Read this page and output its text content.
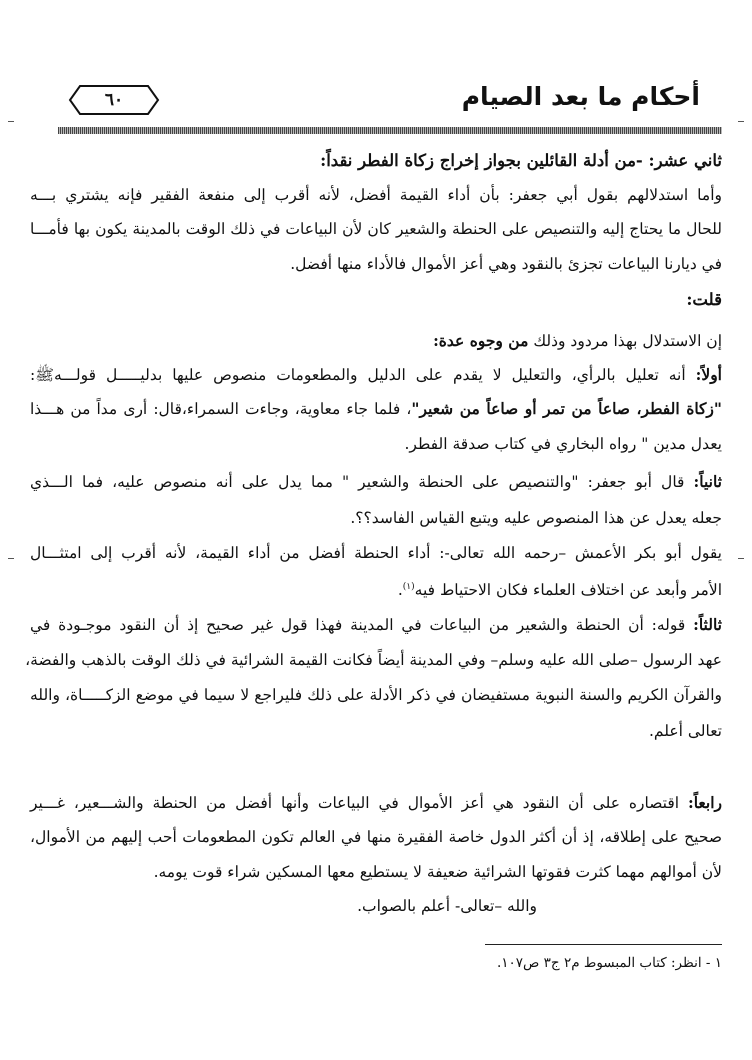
٦٠	أحكام ما بعد الصيام
ثاني عشر: -من أدلة القائلين بجواز إخراج زكاة الفطر نقداً:
وأما استدلالهم بقول أبي جعفر: بأن أداء القيمة أفضل، لأنه أقرب إلى منفعة الفقير فإنه يشتري بـــه
للحال ما يحتاج إليه والتنصيص على الحنطة والشعير كان لأن البياعات في ذلك الوقت بالمدينة يكون بها فأمـــا
في ديارنا البياعات تجزئ بالنقود وهي أعز الأموال فالأداء منها أفضل.
قلت:
إن الاستدلال بهذا مردود وذلك من وجوه عدة:
أولاً: أنه تعليل بالرأي، والتعليل لا يقدم على الدليل والمطعومات منصوص عليها بدليـــــل قولـــهﷺ:
"زكاة الفطر، صاعاً من تمر أو صاعاً من شعير"، فلما جاء معاوية، وجاءت السمراء،قال: أرى مداً من هـــذا
يعدل مدين " رواه البخاري في كتاب صدقة الفطر.
ثانياً: قال أبو جعفر: "والتنصيص على الحنطة والشعير " مما يدل على أنه منصوص عليه، فما الـــذي
جعله يعدل عن هذا المنصوص عليه ويتبع القياس الفاسد؟؟.
يقول أبو بكر الأعمش –رحمه الله تعالى-: أداء الحنطة أفضل من أداء القيمة، لأنه أقرب إلى امتثـــال
الأمر وأبعد عن اختلاف العلماء فكان الاحتياط فيه$^{(١)}$.
ثالثاً: قوله: أن الحنطة والشعير من البياعات في المدينة فهذا قول غير صحيح إذ أن النقود موجـودة في
عهد الرسول –صلى الله عليه وسلم– وفي المدينة أيضاً فكانت القيمة الشرائية في ذلك الوقت بالذهب والفضة،
والقرآن الكريم والسنة النبوية مستفيضان في ذكر الأدلة على ذلك فليراجع لا سيما في موضع الزكـــــاة، والله
تعالى أعلم.
رابعاً: اقتصاره على أن النقود هي أعز الأموال في البياعات وأنها أفضل من الحنطة والشـــعير، غـــير
صحيح على إطلاقه، إذ أن أكثر الدول خاصة الفقيرة منها في العالم تكون المطعومات أحب إليهم من الأموال،
لأن أموالهم مهما كثرت فقوتها الشرائية ضعيفة لا يستطيع معها المسكين شراء قوت يومه.
والله –تعالى- أعلم بالصواب.
١ - انظر: كتاب المبسوط م٢ ج٣ ص١٠٧.
